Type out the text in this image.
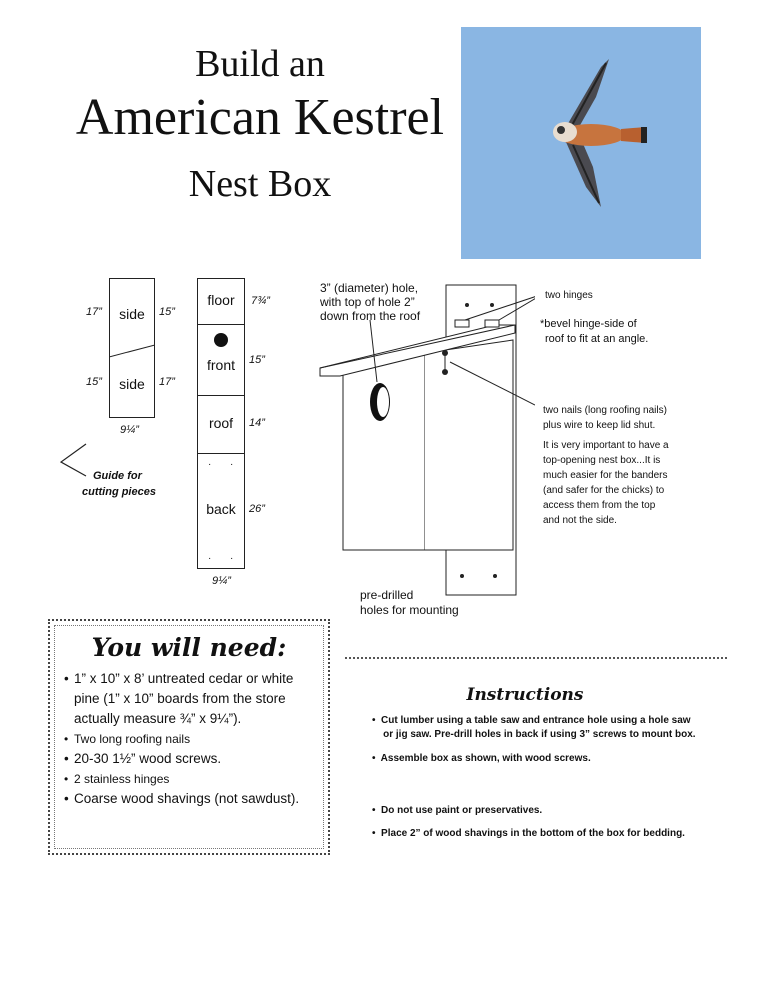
Build an
American Kestrel
Nest Box
side
side
17”
15”
15”
17”
9¼”
floor
front
roof
· ·
back
· ·
7¾”
15”
14”
26”
9¼”
Guide for
cutting pieces
3” (diameter) hole,
with top of hole 2”
down from the roof
two hinges
*bevel hinge-side of
roof to fit at an angle.
two nails (long roofing nails)
plus wire to keep lid shut.
It is very important to have a
top-opening nest box...It is
much easier for the banders
(and safer for the chicks) to
access them from the top
and not the side.
pre-drilled
holes for mounting
You will need:
• 1” x 10” x 8’ untreated cedar or white
pine (1” x 10” boards from the store
actually measure ¾” x 9¼”).
• Two long roofing nails
• 20-30 1½” wood screws.
• 2 stainless hinges
• Coarse wood shavings (not sawdust).
Instructions
•  Cut lumber using a table saw and entrance hole using a hole saw
or jig saw. Pre-drill holes in back if using 3” screws to mount box.
•  Assemble box as shown, with wood screws.
•  Do not use paint or preservatives.
•  Place 2” of wood shavings in the bottom of the box for bedding.
